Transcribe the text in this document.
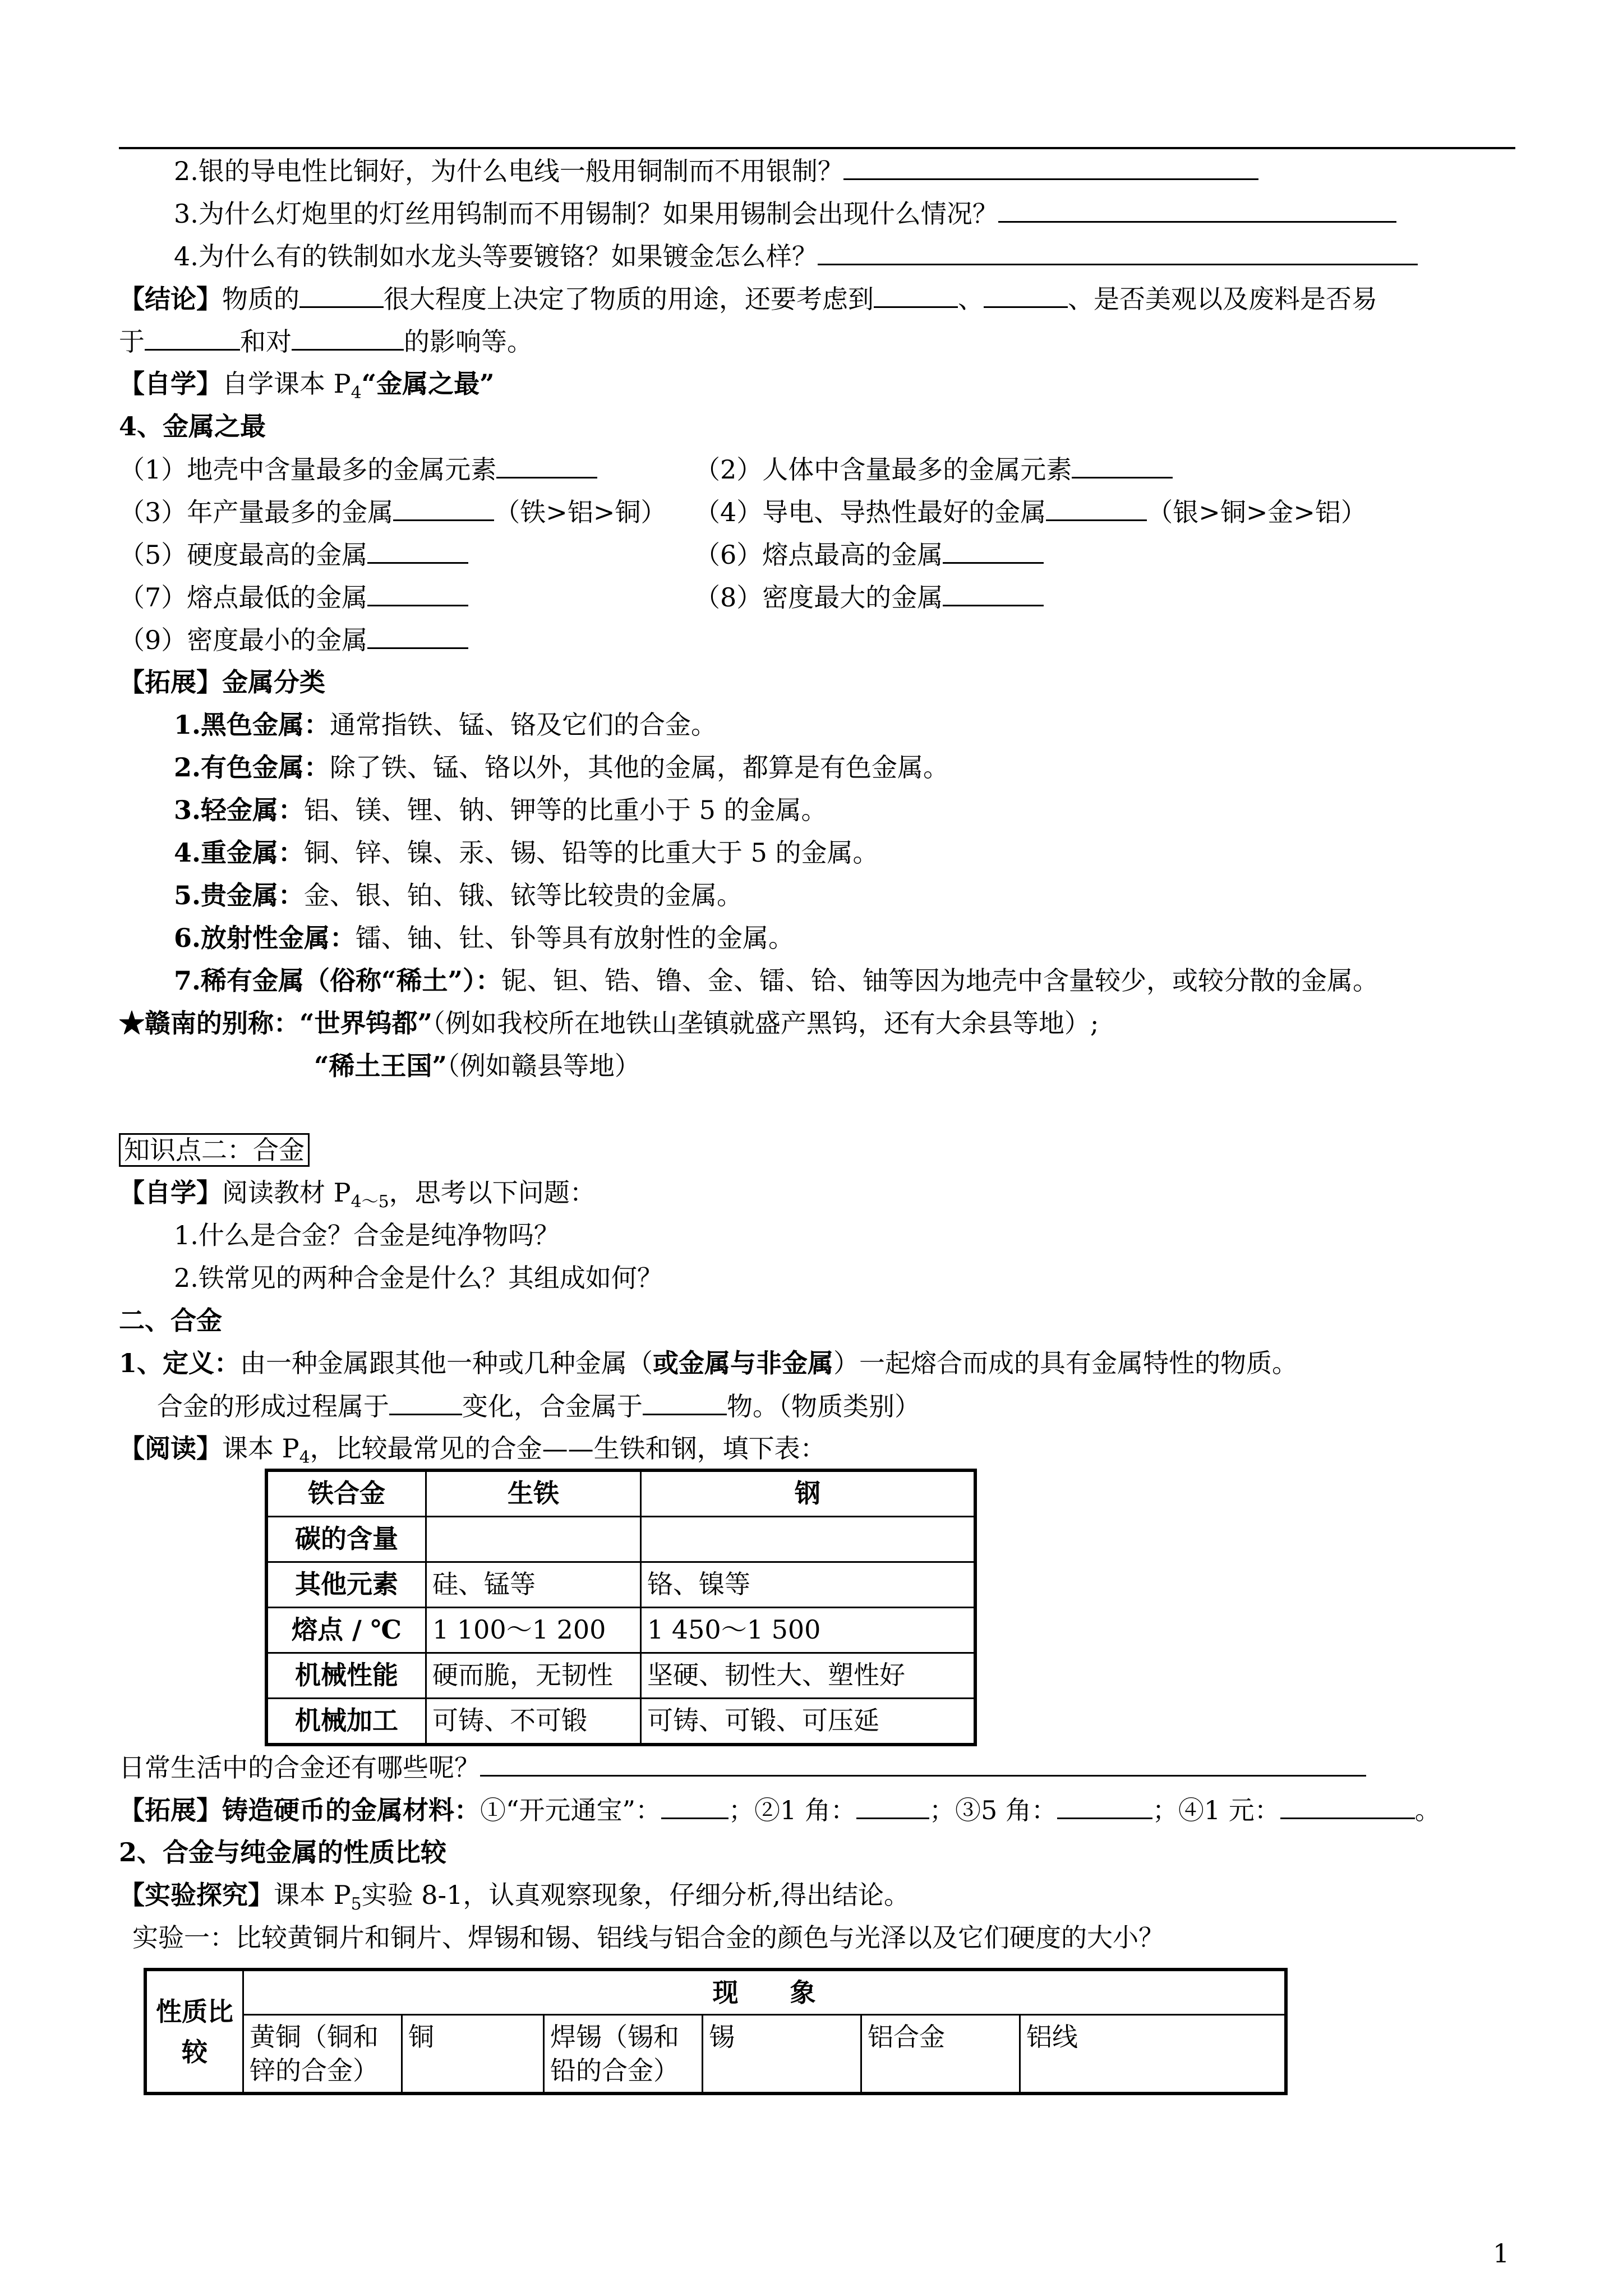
2.银的导电性比铜好，为什么电线一般用铜制而不用银制？
3.为什么灯炮里的灯丝用钨制而不用锡制？如果用锡制会出现什么情况？
4.为什么有的铁制如水龙头等要镀铬？如果镀金怎么样？
【结论】物质的	很大程度上决定了物质的用途，还要考虑到	、	、是否美观以及废料是否易
于	和对	的影响等。
【自学】自学课本 $P_4“$金属之最”
4、金属之最
（1）地壳中含量最多的金属元素	（2）人体中含量最多的金属元素
（3）年产量最多的金属	（铁>铝>铜） （4）导电、导热性最好的金属	（银>铜>金>铝）
（5）硬度最高的金属	（6）熔点最高的金属
（7）熔点最低的金属	（8）密度最大的金属
（9）密度最小的金属
【拓展】金属分类
1.黑色金属：通常指铁、锰、铬及它们的合金。
2.有色金属：除了铁、锰、铬以外，其他的金属，都算是有色金属。
3.轻金属：铝、镁、锂、钠、钾等的比重小于 5 的金属。
4.重金属：铜、锌、镍、汞、锡、铅等的比重大于 5 的金属。
5.贵金属：金、银、铂、锇、铱等比较贵的金属。
6.放射性金属：镭、铀、钍、钋等具有放射性的金属。
7.稀有金属（俗称“稀土”）：铌、钽、锆、镥、金、镭、铪、铀等因为地壳中含量较少，或较分散的金属。
★赣南的别称：“世界钨都”（例如我校所在地铁山垄镇就盛产黑钨，还有大余县等地）;
“稀土王国”（例如赣县等地）
知识点二：合金
【自学】阅读教材 $P_{4\sim 5}$，思考以下问题：
1.什么是合金？合金是纯净物吗？
2.铁常见的两种合金是什么？其组成如何？
二、合金
1、定义：由一种金属跟其他一种或几种金属（或金属与非金属）一起熔合而成的具有金属特性的物质。
合金的形成过程属于	变化，合金属于	物。（物质类别）
【阅读】课本 $P_4$，比较最常见的合金——生铁和钢，填下表：
铁合金	生铁	钢
碳的含量		
其他元素	硅、锰等	铬、镍等
熔点 / ℃	1 100～1 200	1 450～1 500
机械性能	硬而脆，无韧性	坚硬、韧性大、塑性好
机械加工	可铸、不可锻	可铸、可锻、可压延
日常生活中的合金还有哪些呢？
【拓展】铸造硬币的金属材料：①“开元通宝”：	；②1 角：	；③5 角：	；④1 元：	。
2、合金与纯金属的性质比较
【实验探究】课本 $P_5$实验 8-1，认真观察现象，仔细分析,得出结论。
实验一：比较黄铜片和铜片、焊锡和锡、铝线与铝合金的颜色与光泽以及它们硬度的大小？
性质比较	现　　象					
	黄铜（铜和锌的合金）	铜	焊锡（锡和铅的合金）	锡	铝合金	铝线
1
